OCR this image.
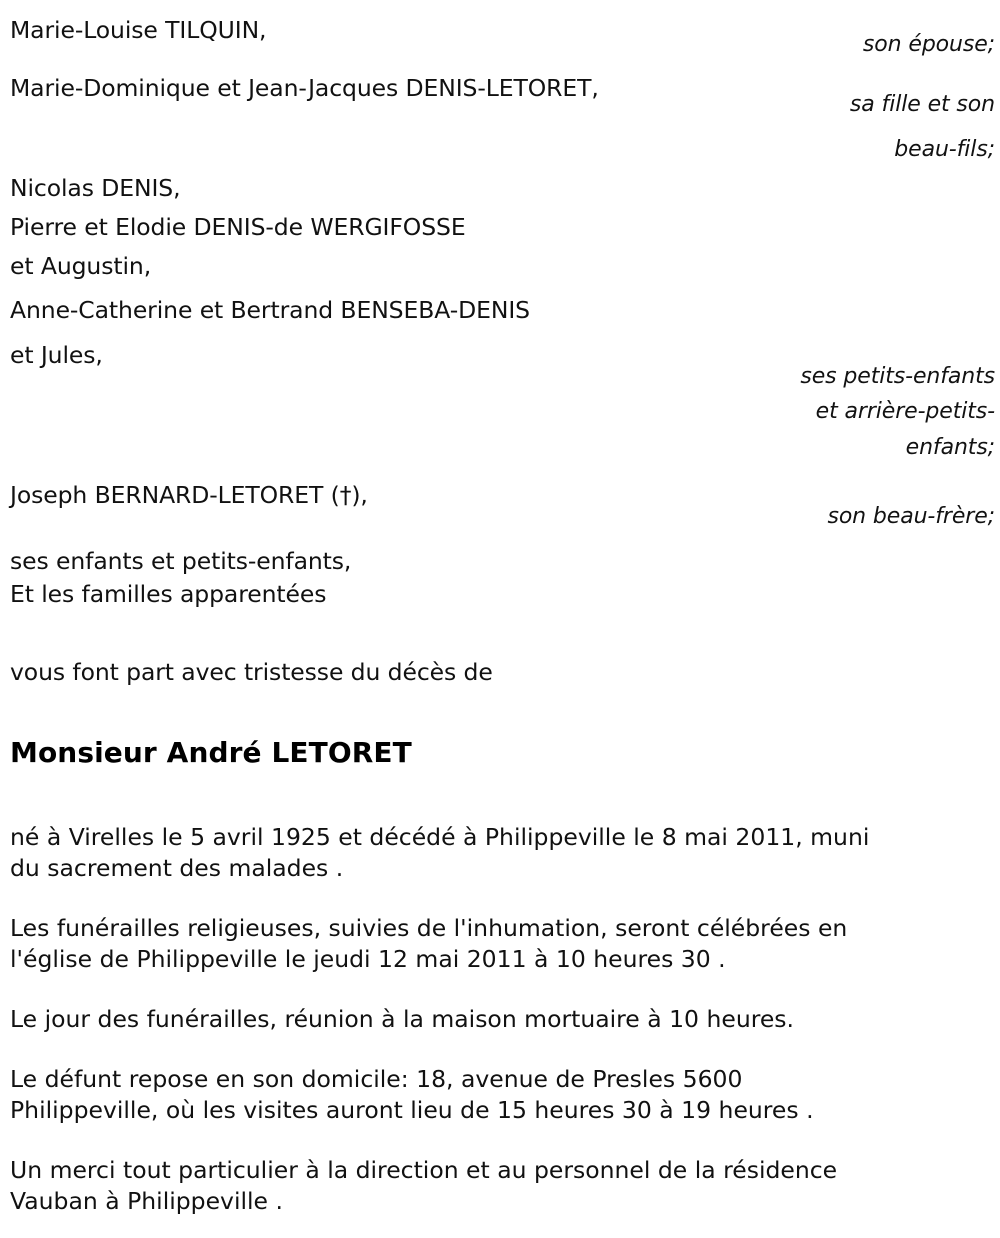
Marie-Louise TILQUIN,
Marie-Dominique et Jean-Jacques DENIS-LETORET,
Nicolas DENIS,
Pierre et Elodie DENIS-de WERGIFOSSE
et Augustin,
Anne-Catherine et Bertrand BENSEBA-DENIS
et Jules,
Joseph BERNARD-LETORET (†),
ses enfants et petits-enfants,
Et les familles apparentées
son épouse;
sa fille et son
beau-fils;
ses petits-enfants
et arrière-petits-
enfants;
son beau-frère;
vous font part avec tristesse du décès de
Monsieur André LETORET
né à Virelles le 5 avril 1925 et décédé à Philippeville le 8 mai 2011, muni
du sacrement des malades .
Les funérailles religieuses, suivies de l'inhumation, seront célébrées en
l'église de Philippeville le jeudi 12 mai 2011 à 10 heures 30 .
Le jour des funérailles, réunion à la maison mortuaire à 10 heures.
Le défunt repose en son domicile: 18, avenue de Presles 5600
Philippeville, où les visites auront lieu de 15 heures 30 à 19 heures .
Un merci tout particulier à la direction et au personnel de la résidence
Vauban à Philippeville .
